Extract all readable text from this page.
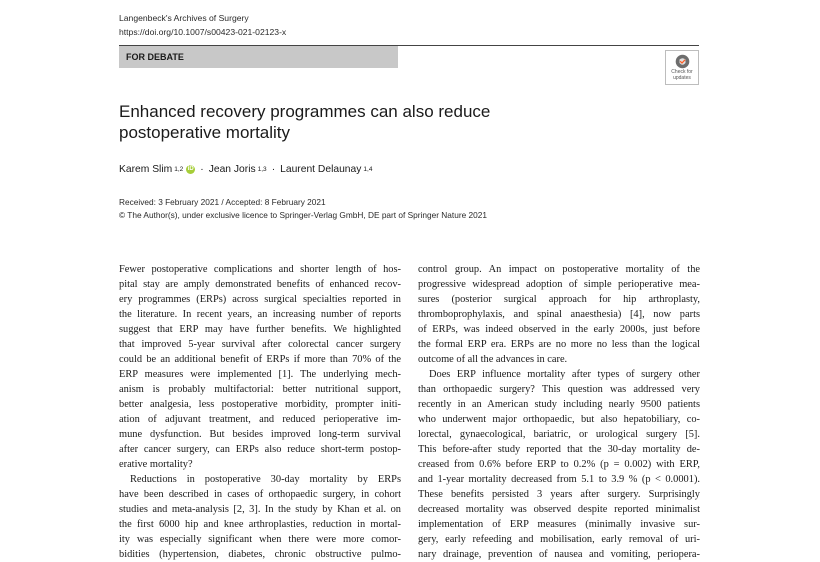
Langenbeck's Archives of Surgery
https://doi.org/10.1007/s00423-021-02123-x
FOR DEBATE
Check for
updates
Enhanced recovery programmes can also reduce
postoperative mortality
Karem Slim 1,2 iD · Jean Joris 1,3 · Laurent Delaunay 1,4
Received: 3 February 2021 / Accepted: 8 February 2021
© The Author(s), under exclusive licence to Springer-Verlag GmbH, DE part of Springer Nature 2021
Fewer postoperative complications and shorter length of hos-
pital stay are amply demonstrated benefits of enhanced recov-
ery programmes (ERPs) across surgical specialties reported in
the literature. In recent years, an increasing number of reports
suggest that ERP may have further benefits. We highlighted
that improved 5-year survival after colorectal cancer surgery
could be an additional benefit of ERPs if more than 70% of the
ERP measures were implemented [1]. The underlying mech-
anism is probably multifactorial: better nutritional support,
better analgesia, less postoperative morbidity, prompter initi-
ation of adjuvant treatment, and reduced perioperative im-
mune dysfunction. But besides improved long-term survival
after cancer surgery, can ERPs also reduce short-term postop-
erative mortality?
Reductions in postoperative 30-day mortality by ERPs
have been described in cases of orthopaedic surgery, in cohort
studies and meta-analysis [2, 3]. In the study by Khan et al. on
the first 6000 hip and knee arthroplasties, reduction in mortal-
ity was especially significant when there were more comor-
bidities (hypertension, diabetes, chronic obstructive pulmo-
control group. An impact on postoperative mortality of the
progressive widespread adoption of simple perioperative mea-
sures (posterior surgical approach for hip arthroplasty,
thromboprophylaxis, and spinal anaesthesia) [4], now parts
of ERPs, was indeed observed in the early 2000s, just before
the formal ERP era. ERPs are no more no less than the logical
outcome of all the advances in care.
Does ERP influence mortality after types of surgery other
than orthopaedic surgery? This question was addressed very
recently in an American study including nearly 9500 patients
who underwent major orthopaedic, but also hepatobiliary, co-
lorectal, gynaecological, bariatric, or urological surgery [5].
This before-after study reported that the 30-day mortality de-
creased from 0.6% before ERP to 0.2% (p = 0.002) with ERP,
and 1-year mortality decreased from 5.1 to 3.9 % (p < 0.0001).
These benefits persisted 3 years after surgery. Surprisingly
decreased mortality was observed despite reported minimalist
implementation of ERP measures (minimally invasive sur-
gery, early refeeding and mobilisation, early removal of uri-
nary drainage, prevention of nausea and vomiting, periopera-
